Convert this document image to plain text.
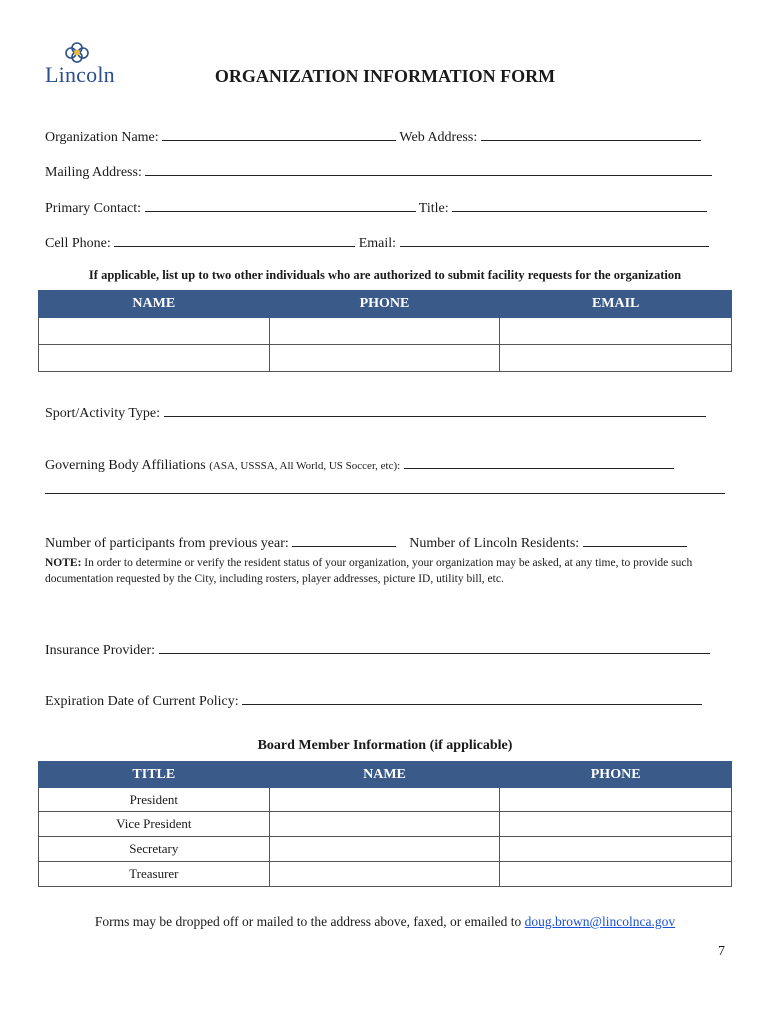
Lincoln	ORGANIZATION INFORMATION FORM
Organization Name:	Web Address:
Mailing Address:
Primary Contact:	Title:
Cell Phone:	Email:
If applicable, list up to two other individuals who are authorized to submit facility requests for the organization
NAME	PHONE	EMAIL

Sport/Activity Type:
Governing Body Affiliations (ASA, USSSA, All World, US Soccer, etc):
Number of participants from previous year:	Number of Lincoln Residents:
NOTE: In order to determine or verify the resident status of your organization, your organization may be asked, at any time, to provide such documentation requested by the City, including rosters, player addresses, picture ID, utility bill, etc.
Insurance Provider:
Expiration Date of Current Policy:
Board Member Information (if applicable)
TITLE	NAME	PHONE
President		
Vice President		
Secretary		
Treasurer		
Forms may be dropped off or mailed to the address above, faxed, or emailed to doug.brown@lincolnca.gov
7
